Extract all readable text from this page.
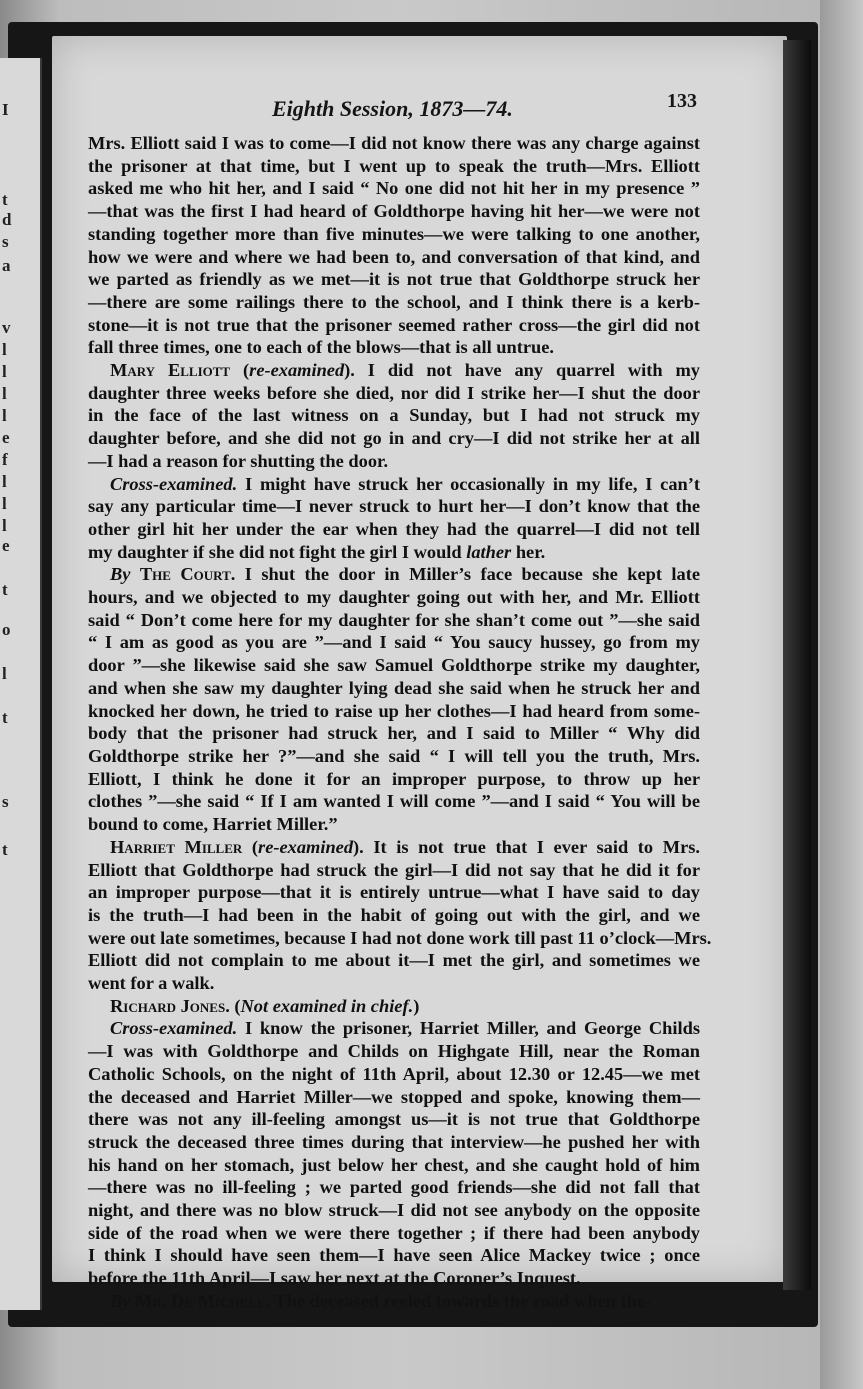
I
t
d
s
a
v
l
l
l
l
e
f
l
l
l
e
t
o
l
t
s
t
Eighth Session, 1873—74.	133
Mrs. Elliott said I was to come—I did not know there was any charge against
the prisoner at that time, but I went up to speak the truth—Mrs. Elliott
asked me who hit her, and I said “ No one did not hit her in my presence ”
—that was the first I had heard of Goldthorpe having hit her—we were not
standing together more than five minutes—we were talking to one another,
how we were and where we had been to, and conversation of that kind, and
we parted as friendly as we met—it is not true that Goldthorpe struck her
—there are some railings there to the school, and I think there is a kerb-
stone—it is not true that the prisoner seemed rather cross—the girl did not
fall three times, one to each of the blows—that is all untrue.
Mary Elliott (re-examined). I did not have any quarrel with my
daughter three weeks before she died, nor did I strike her—I shut the door
in the face of the last witness on a Sunday, but I had not struck my
daughter before, and she did not go in and cry—I did not strike her at all
—I had a reason for shutting the door.
Cross-examined. I might have struck her occasionally in my life, I can’t
say any particular time—I never struck to hurt her—I don’t know that the
other girl hit her under the ear when they had the quarrel—I did not tell
my daughter if she did not fight the girl I would lather her.
By The Court. I shut the door in Miller’s face because she kept late
hours, and we objected to my daughter going out with her, and Mr. Elliott
said “ Don’t come here for my daughter for she shan’t come out ”—she said
“ I am as good as you are ”—and I said “ You saucy hussey, go from my
door ”—she likewise said she saw Samuel Goldthorpe strike my daughter,
and when she saw my daughter lying dead she said when he struck her and
knocked her down, he tried to raise up her clothes—I had heard from some-
body that the prisoner had struck her, and I said to Miller “ Why did
Goldthorpe strike her ?”—and she said “ I will tell you the truth, Mrs.
Elliott, I think he done it for an improper purpose, to throw up her
clothes ”—she said “ If I am wanted I will come ”—and I said “ You will be
bound to come, Harriet Miller.”
Harriet Miller (re-examined). It is not true that I ever said to Mrs.
Elliott that Goldthorpe had struck the girl—I did not say that he did it for
an improper purpose—that it is entirely untrue—what I have said to day
is the truth—I had been in the habit of going out with the girl, and we
were out late sometimes, because I had not done work till past 11 o’clock—Mrs.
Elliott did not complain to me about it—I met the girl, and sometimes we
went for a walk.
Richard Jones. (Not examined in chief.)
Cross-examined. I know the prisoner, Harriet Miller, and George Childs
—I was with Goldthorpe and Childs on Highgate Hill, near the Roman
Catholic Schools, on the night of 11th April, about 12.30 or 12.45—we met
the deceased and Harriet Miller—we stopped and spoke, knowing them—
there was not any ill-feeling amongst us—it is not true that Goldthorpe
struck the deceased three times during that interview—he pushed her with
his hand on her stomach, just below her chest, and she caught hold of him
—there was no ill-feeling ; we parted good friends—she did not fall that
night, and there was no blow struck—I did not see anybody on the opposite
side of the road when we were there together ; if there had been anybody
I think I should have seen them—I have seen Alice Mackey twice ; once
before the 11th April—I saw her next at the Coroner’s Inquest.
By Mr. De Michele. The deceased reeled towards the road when the-
